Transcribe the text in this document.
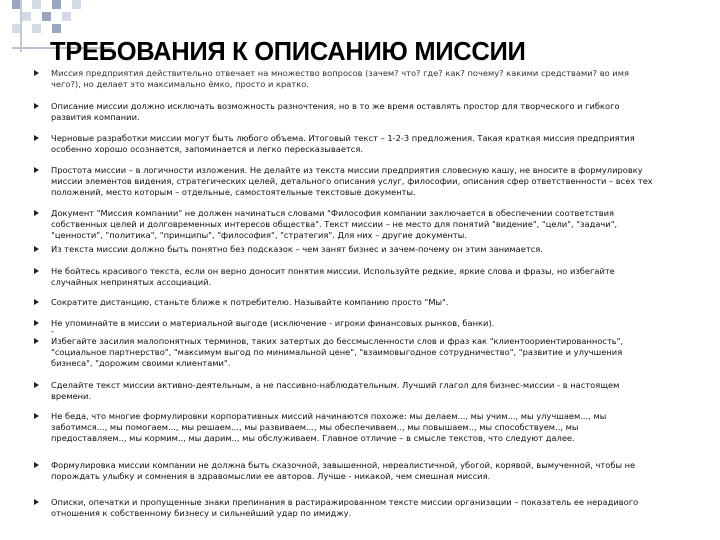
ТРЕБОВАНИЯ К ОПИСАНИЮ МИССИИ
Миссия предприятия действительно отвечает на множество вопросов (зачем? что? где? как? почему? какими средствами? во имя
чего?), но делает это максимально ёмко, просто и кратко.
Описание миссии должно исключать возможность разночтения, но в то же время оставлять простор для творческого и гибкого
развития компании.
Черновые разработки миссии могут быть любого объема. Итоговый текст – 1-2-3 предложения. Такая краткая миссия предприятия
особенно хорошо осознается, запоминается и легко пересказывается.
Простота миссии – в логичности изложения. Не делайте из текста миссии предприятия словесную кашу, не вносите в формулировку
миссии элементов видения, стратегических целей, детального описания услуг, философии, описания сфер ответственности – всех тех
положений, место которым – отдельные, самостоятельные текстовые документы.
Документ "Миссия компании" не должен начинаться словами "Философия компании заключается в обеспечении соответствия
собственных целей и долговременных интересов общества". Текст миссии – не место для понятий "видение", "цели", "задачи",
"ценности", "политика", "принципы", "философия", "стратегия". Для них – другие документы.
Из текста миссии должно быть понятно без подсказок – чем занят бизнес и зачем-почему он этим занимается.
Не бойтесь красивого текста, если он верно доносит понятия миссии. Используйте редкие, яркие слова и фразы, но избегайте
случайных непринятых ассоциаций.
Сократите дистанцию, станьте ближе к потребителю. Называйте компанию просто "Мы".
Не упоминайте в миссии о материальной выгоде (исключение - игроки финансовых рынков, банки).
-
Избегайте засилия малопонятных терминов, таких затертых до бессмысленности слов и фраз как "клиентоориентированность",
"социальное партнерство", "максимум выгод по минимальной цене", "взаимовыгодное сотрудничество", "развитие и улучшения
бизнеса", "дорожим своими клиентами".
Сделайте текст миссии активно-деятельным, а не пассивно-наблюдательным. Лучший глагол для бизнес-миссии - в настоящем
времени.
Не беда, что многие формулировки корпоративных миссий начинаются похоже: мы делаем..., мы учим..., мы улучшаем..., мы
заботимся..., мы помогаем..., мы решаем..., мы развиваем..., мы обеспечиваем.., мы повышаем.., мы способствуем.., мы
предоставляем.., мы кормим.., мы дарим.., мы обслуживаем. Главное отличие – в смысле текстов, что следуют далее.
Формулировка миссии компании не должна быть сказочной, завышенной, нереалистичной, убогой, корявой, вымученной, чтобы не
порождать улыбку и сомнения в здравомыслии ее авторов. Лучше - никакой, чем смешная миссия.
Описки, опечатки и пропущенные знаки препинания в растиражированном тексте миссии организации – показатель ее нерадивого
отношения к собственному бизнесу и сильнейший удар по имиджу.
